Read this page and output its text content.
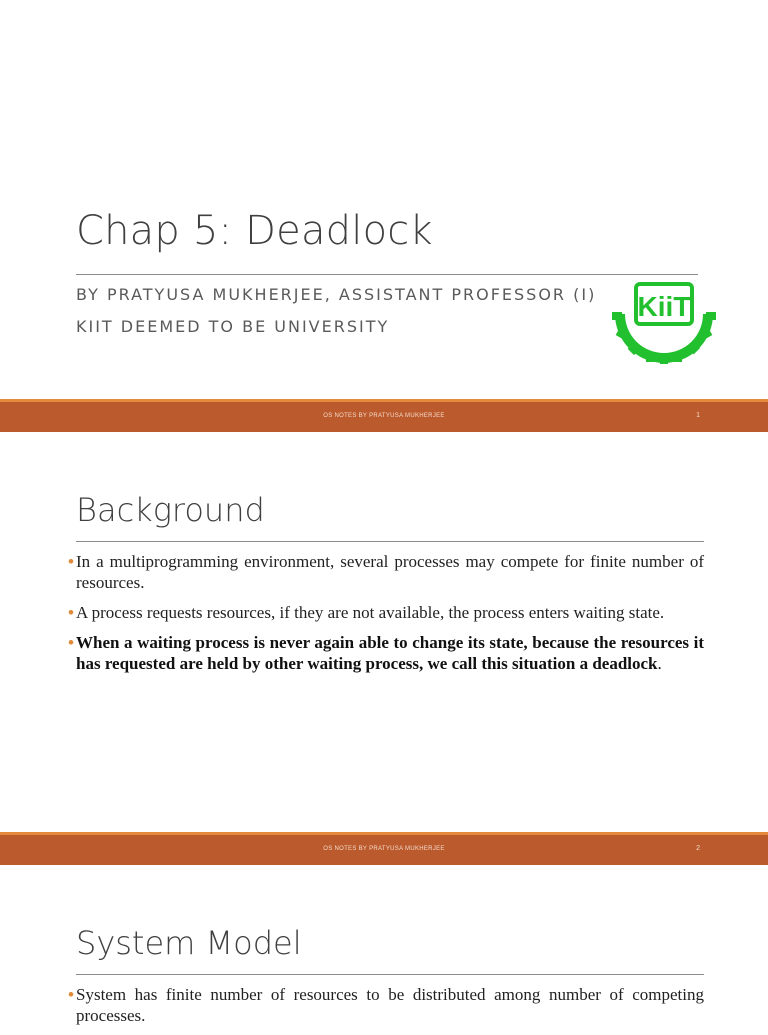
Chap 5: Deadlock

BY PRATYUSA MUKHERJEE, ASSISTANT PROFESSOR (I)

KIIT DEEMED TO BE UNIVERSITY

KiiT
OS NOTES BY PRATYUSA MUKHERJEE	1
Background
• In a multiprogramming environment, several processes may compete for finite number of resources.
• A process requests resources, if they are not available, the process enters waiting state.
• When a waiting process is never again able to change its state, because the resources it has requested are held by other waiting process, we call this situation a deadlock.
OS NOTES BY PRATYUSA MUKHERJEE	2
System Model
• System has finite number of resources to be distributed among number of competing processes.
